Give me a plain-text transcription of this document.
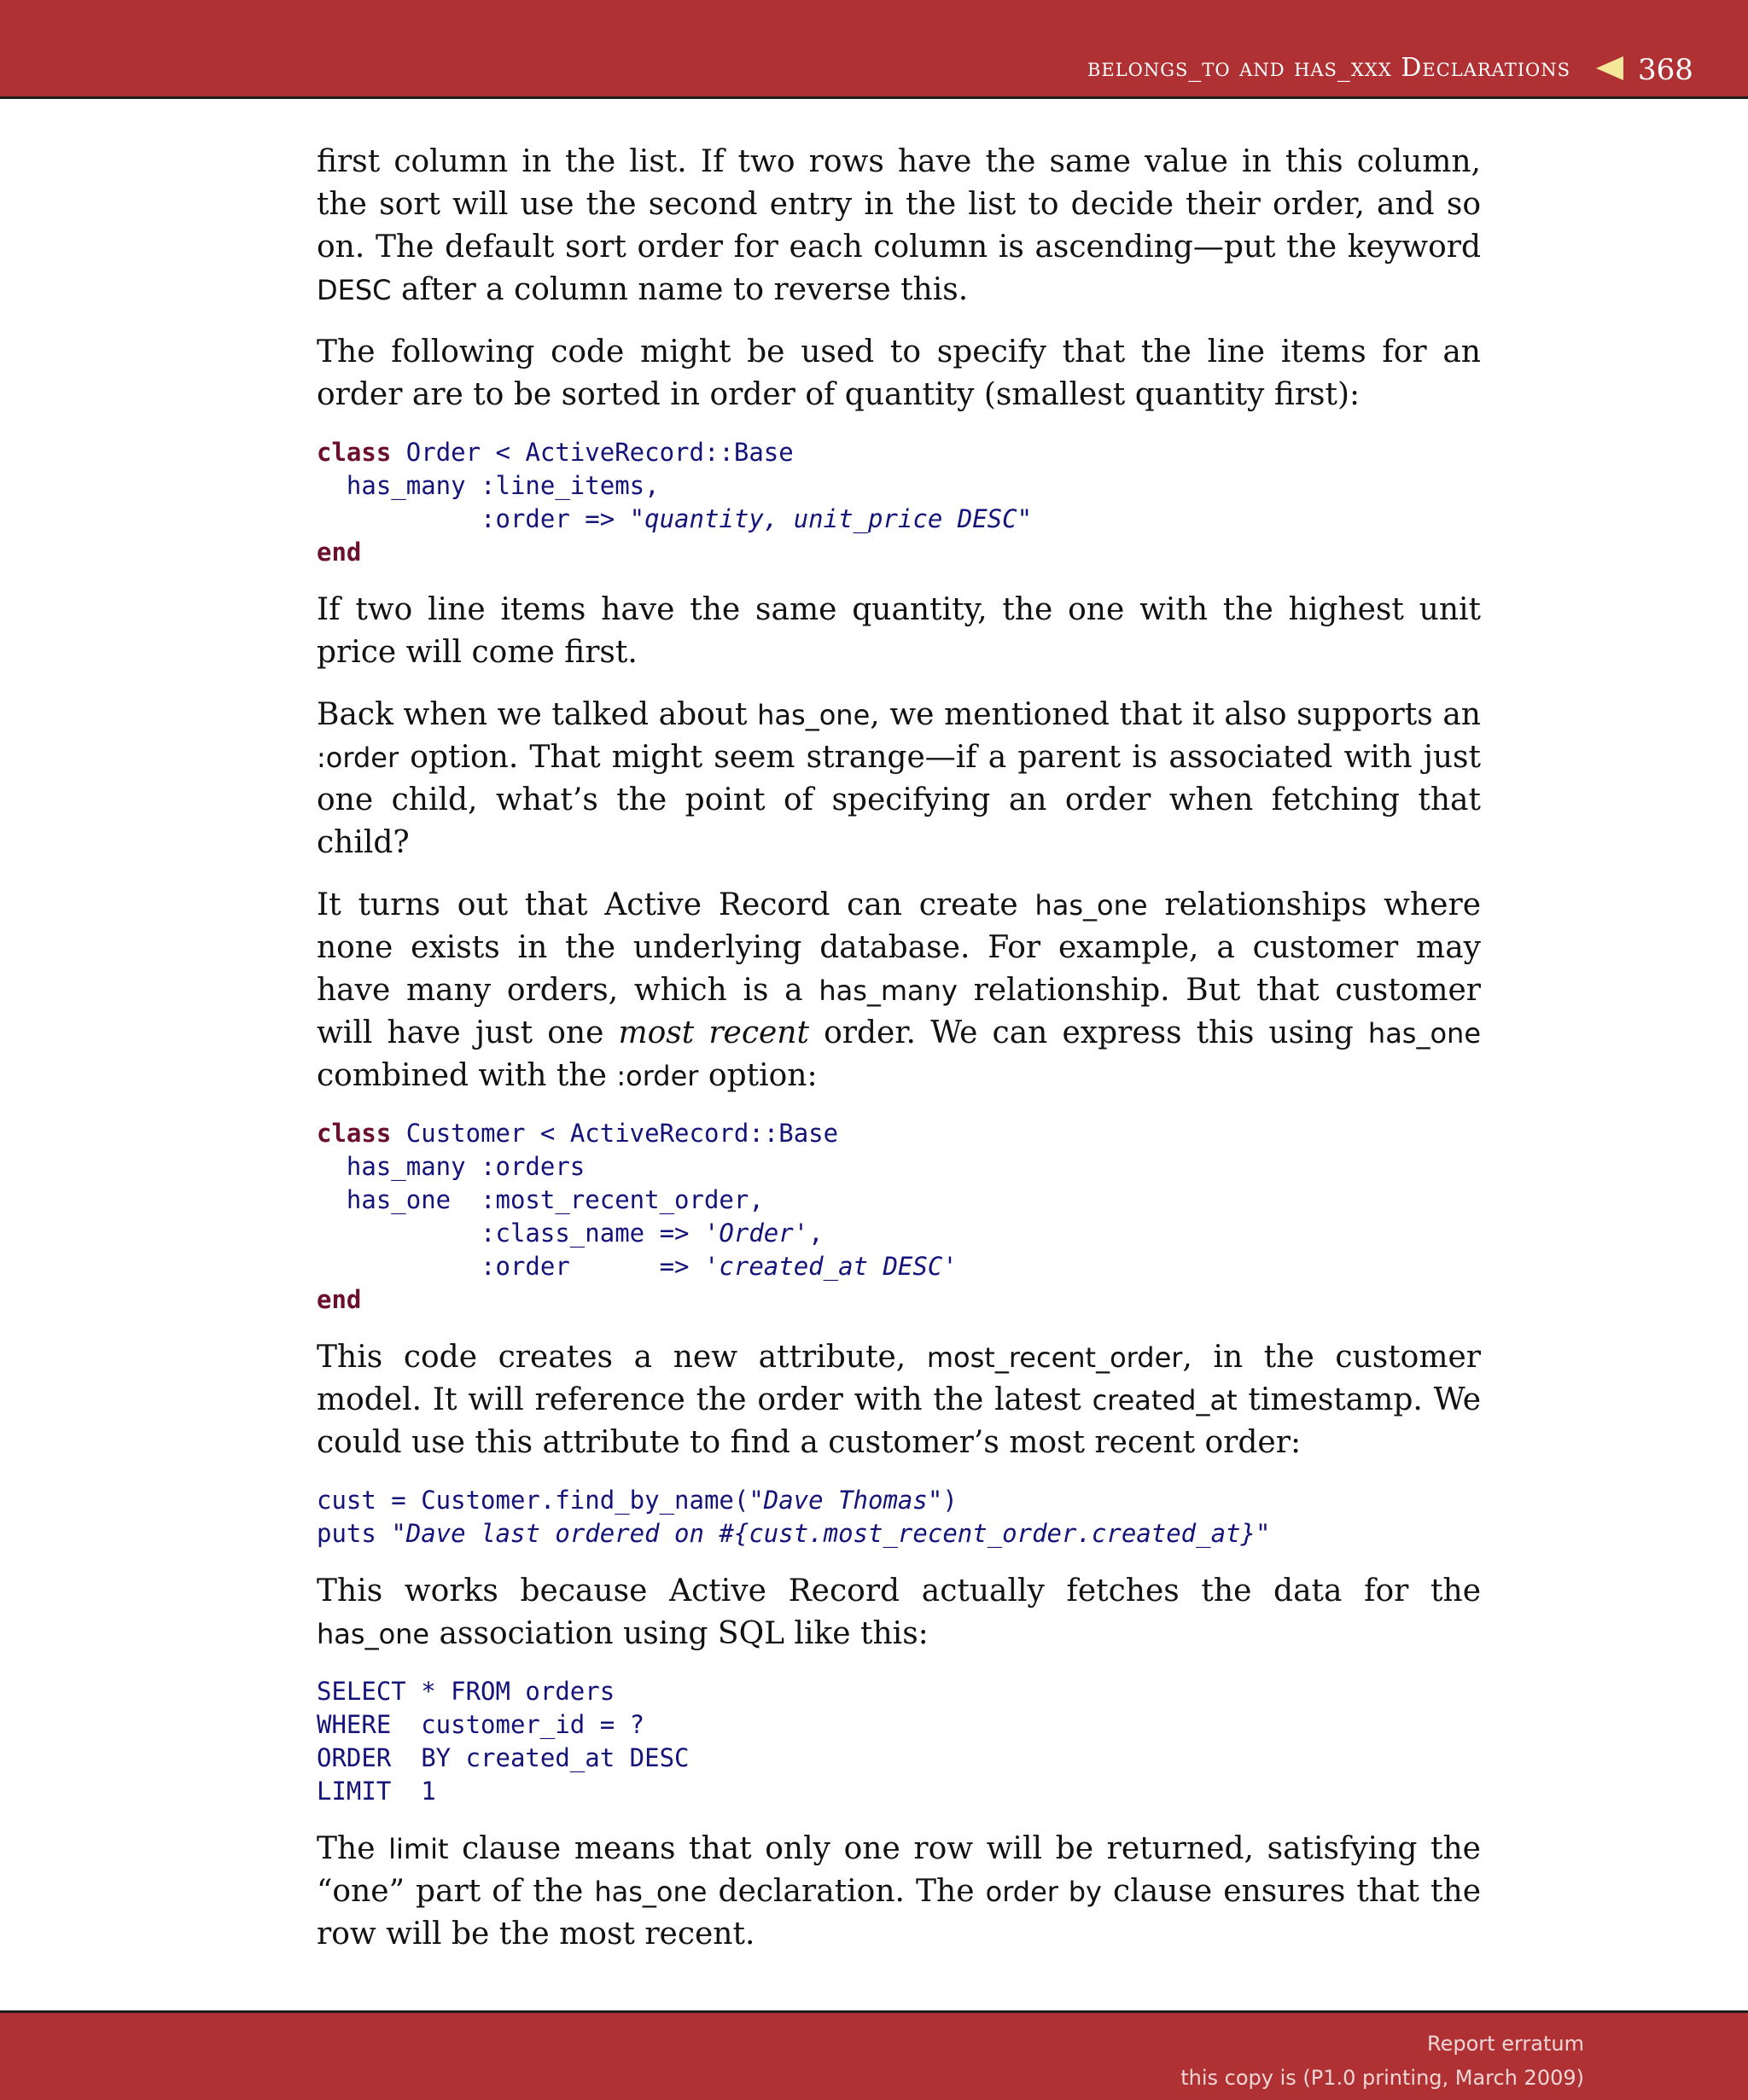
belongs_to and has_xxx Declarations 368

first column in the list. If two rows have the same value in this column, the sort will use the second entry in the list to decide their order, and so on. The default sort order for each column is ascending—put the keyword DESC after a column name to reverse this.

The following code might be used to specify that the line items for an order are to be sorted in order of quantity (smallest quantity first):

class Order < ActiveRecord::Base
has_many :line_items,
:order => "quantity, unit_price DESC"
end

If two line items have the same quantity, the one with the highest unit price will come first.

Back when we talked about has_one, we mentioned that it also supports an :order option. That might seem strange—if a parent is associated with just one child, what’s the point of specifying an order when fetching that child?

It turns out that Active Record can create has_one relationships where none exists in the underlying database. For example, a customer may have many orders, which is a has_many relationship. But that customer will have just one most recent order. We can express this using has_one combined with the :order option:

class Customer < ActiveRecord::Base
has_many :orders
has_one  :most_recent_order,
:class_name => 'Order',
:order      => 'created_at DESC'
end

This code creates a new attribute, most_recent_order, in the customer model. It will reference the order with the latest created_at timestamp. We could use this attribute to find a customer’s most recent order:

cust = Customer.find_by_name("Dave Thomas")
puts "Dave last ordered on #{cust.most_recent_order.created_at}"

This works because Active Record actually fetches the data for the has_one association using SQL like this:

SELECT * FROM orders
WHERE  customer_id = ?
ORDER  BY created_at DESC
LIMIT  1

The limit clause means that only one row will be returned, satisfying the “one” part of the has_one declaration. The order by clause ensures that the row will be the most recent.

Report erratum
this copy is (P1.0 printing, March 2009)
